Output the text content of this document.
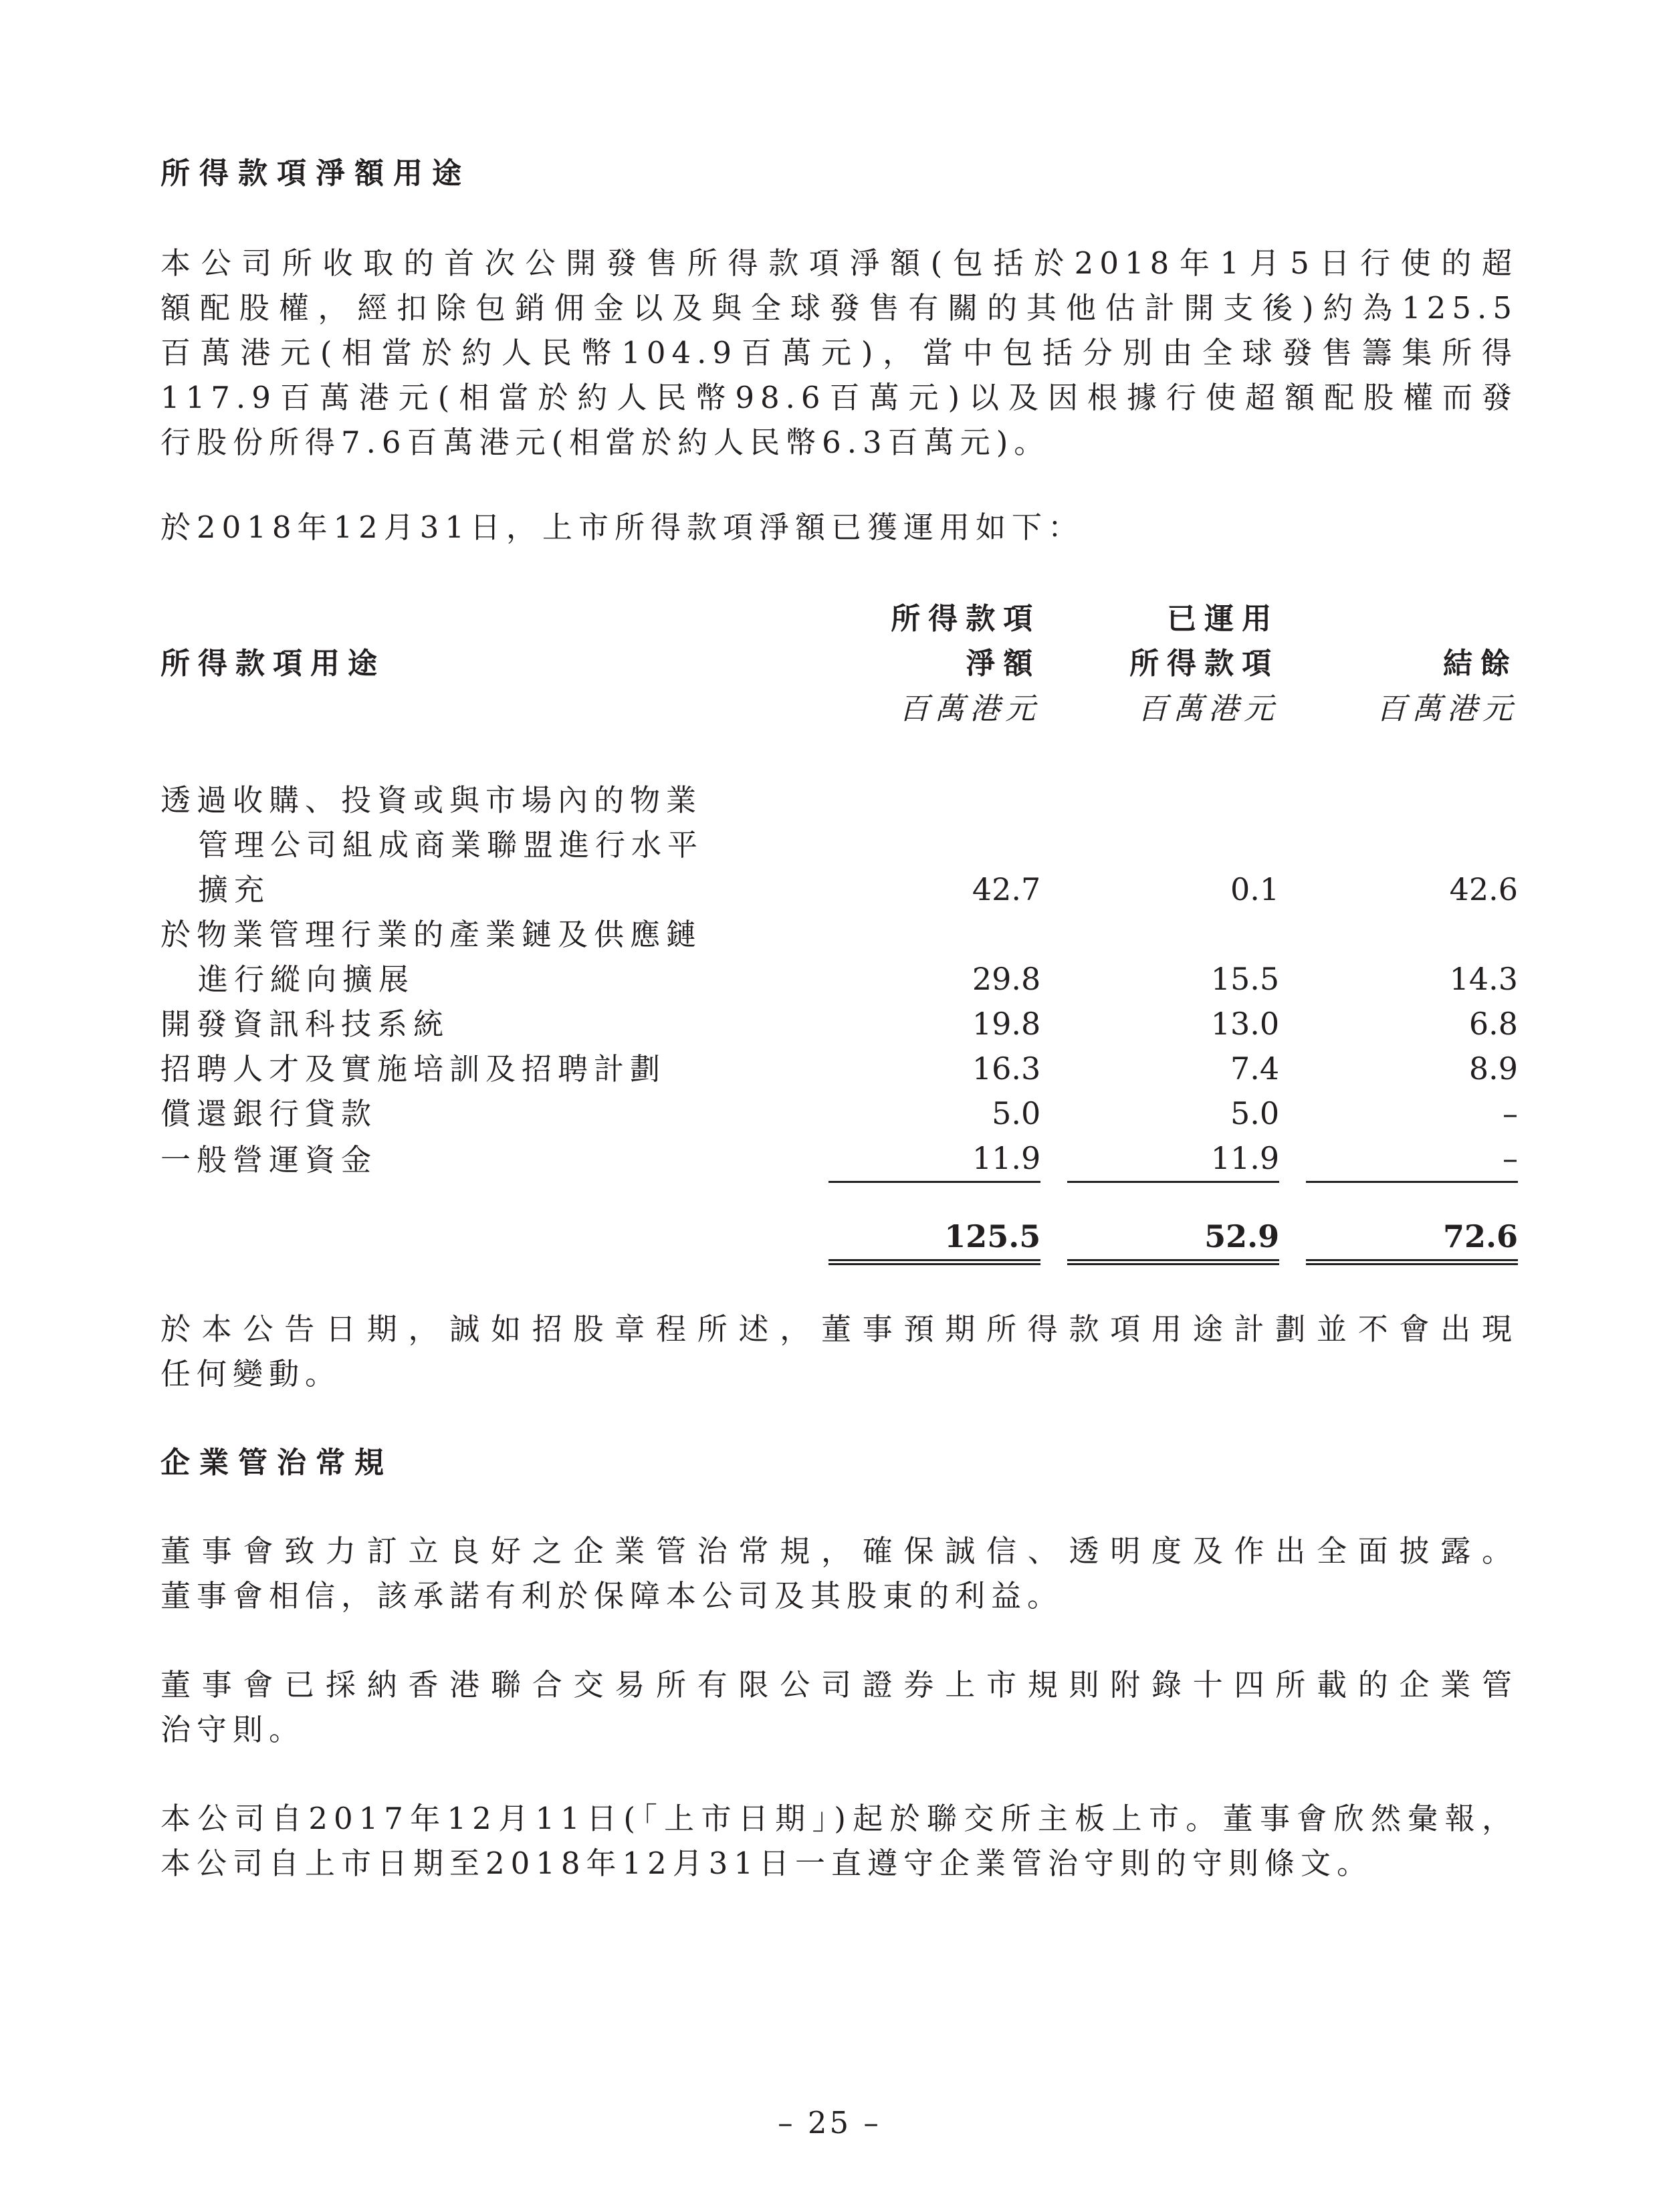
所得款項淨額用途
本公司所收取的首次公開發售所得款項淨額(包括於2018年1月5日行使的超
額配股權，經扣除包銷佣金以及與全球發售有關的其他估計開支後)約為125.5
百萬港元(相當於約人民幣104.9百萬元)，當中包括分別由全球發售籌集所得
117.9百萬港元(相當於約人民幣98.6百萬元)以及因根據行使超額配股權而發
行股份所得7.6百萬港元(相當於約人民幣6.3百萬元)。

於2018年12月31日，上市所得款項淨額已獲運用如下：

	所得款項		已運用		
所得款項用途	淨額		所得款項		結餘
	百萬港元		百萬港元		百萬港元

透過收購、投資或與市場內的物業					
管理公司組成商業聯盟進行水平					
擴充	42.7		0.1		42.6
於物業管理行業的產業鏈及供應鏈					
進行縱向擴展	29.8		15.5		14.3
開發資訊科技系統	19.8		13.0		6.8
招聘人才及實施培訓及招聘計劃	16.3		7.4		8.9
償還銀行貸款	5.0		5.0		–
一般營運資金	11.9		11.9		–

	125.5		52.9		72.6
於本公告日期，誠如招股章程所述，董事預期所得款項用途計劃並不會出現
任何變動。
企業管治常規
董事會致力訂立良好之企業管治常規，確保誠信、透明度及作出全面披露。
董事會相信，該承諾有利於保障本公司及其股東的利益。
董事會已採納香港聯合交易所有限公司證券上市規則附錄十四所載的企業管
治守則。
本公司自2017年12月11日(「上市日期」)起於聯交所主板上市。董事會欣然彙報，
本公司自上市日期至2018年12月31日一直遵守企業管治守則的守則條文。
– 25 –
